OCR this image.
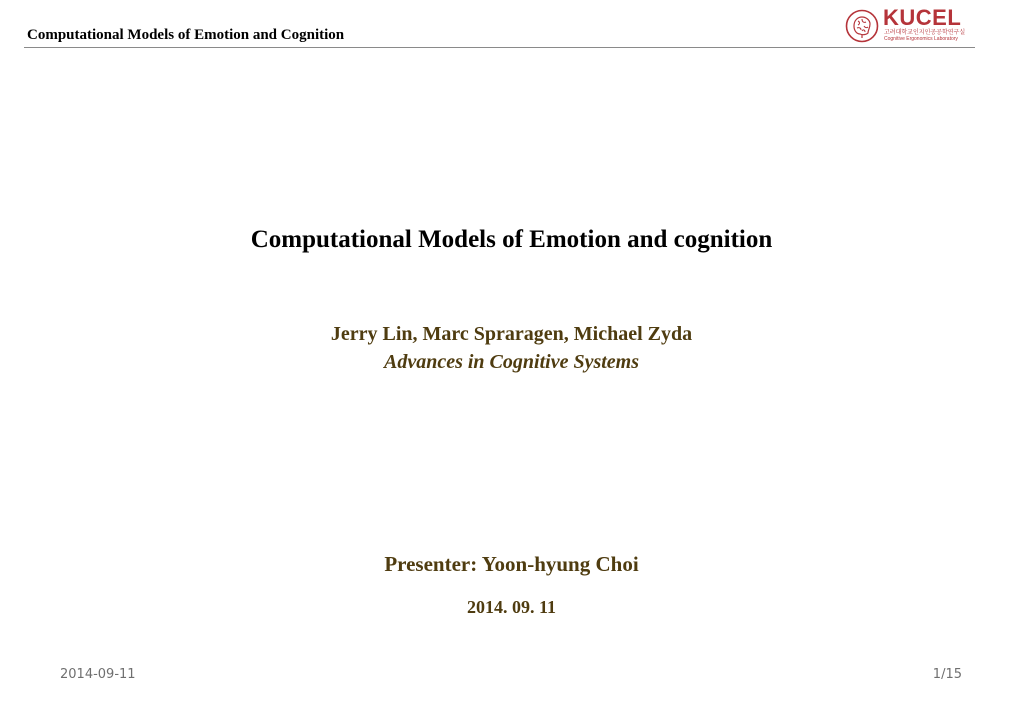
Computational Models of Emotion and Cognition
KUCEL
고려대학교인지인공공학연구실
Cognitive Ergonomics Laboratory
Computational Models of Emotion and cognition
Jerry Lin, Marc Spraragen, Michael Zyda
Advances in Cognitive Systems
Presenter: Yoon-hyung Choi
2014. 09. 11
2014-09-11	1/15
